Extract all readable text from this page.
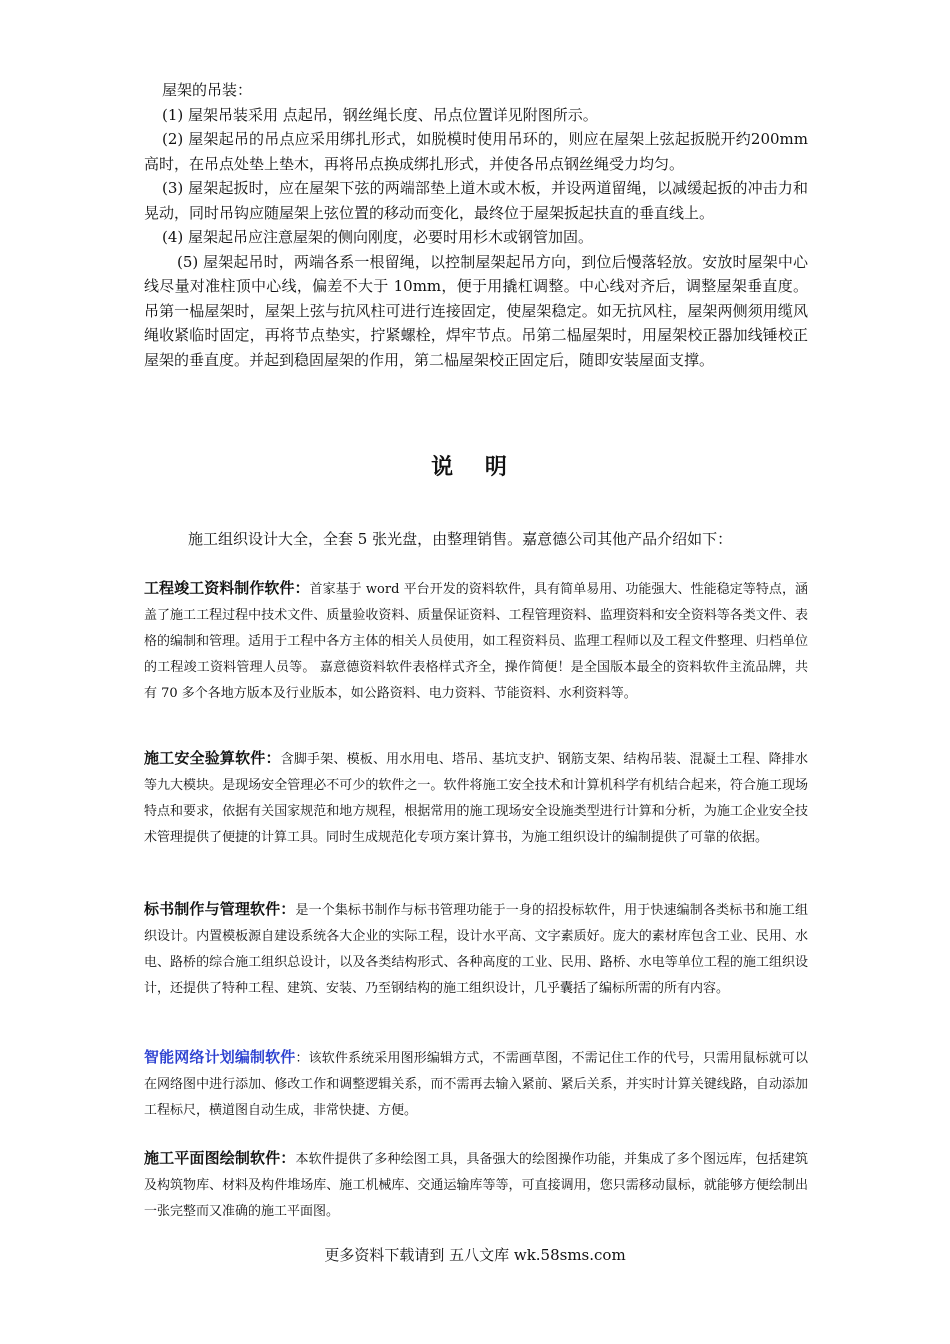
屋架的吊装：

(1) 屋架吊装采用 点起吊，钢丝绳长度、吊点位置详见附图所示。

(2) 屋架起吊的吊点应采用绑扎形式，如脱模时使用吊环的，则应在屋架上弦起扳脱开约200mm高时，在吊点处垫上垫木，再将吊点换成绑扎形式，并使各吊点钢丝绳受力均匀。

(3) 屋架起扳时，应在屋架下弦的两端部垫上道木或木板，并设两道留绳，以减缓起扳的冲击力和晃动，同时吊钩应随屋架上弦位置的移动而变化，最终位于屋架扳起扶直的垂直线上。

(4) 屋架起吊应注意屋架的侧向刚度，必要时用杉木或钢管加固。

(5) 屋架起吊时，两端各系一根留绳，以控制屋架起吊方向，到位后慢落轻放。安放时屋架中心线尽量对准柱顶中心线，偏差不大于 10mm，便于用撬杠调整。中心线对齐后，调整屋架垂直度。吊第一榀屋架时，屋架上弦与抗风柱可进行连接固定，使屋架稳定。如无抗风柱，屋架两侧须用缆风绳收紧临时固定，再将节点垫实，拧紧螺栓，焊牢节点。吊第二榀屋架时，用屋架校正器加线锤校正屋架的垂直度。并起到稳固屋架的作用，第二榀屋架校正固定后，随即安装屋面支撑。

说 明

施工组织设计大全，全套 5 张光盘，由整理销售。嘉意德公司其他产品介绍如下：

工程竣工资料制作软件：首家基于 word 平台开发的资料软件，具有简单易用、功能强大、性能稳定等特点，涵盖了施工工程过程中技术文件、质量验收资料、质量保证资料、工程管理资料、监理资料和安全资料等各类文件、表格的编制和管理。适用于工程中各方主体的相关人员使用，如工程资料员、监理工程师以及工程文件整理、归档单位的工程竣工资料管理人员等。 嘉意德资料软件表格样式齐全，操作简便！是全国版本最全的资料软件主流品牌，共有 70 多个各地方版本及行业版本，如公路资料、电力资料、节能资料、水利资料等。

施工安全验算软件：含脚手架、模板、用水用电、塔吊、基坑支护、钢筋支架、结构吊装、混凝土工程、降排水等九大模块。是现场安全管理必不可少的软件之一。软件将施工安全技术和计算机科学有机结合起来，符合施工现场特点和要求，依据有关国家规范和地方规程，根据常用的施工现场安全设施类型进行计算和分析，为施工企业安全技术管理提供了便捷的计算工具。同时生成规范化专项方案计算书，为施工组织设计的编制提供了可靠的依据。

标书制作与管理软件：是一个集标书制作与标书管理功能于一身的招投标软件，用于快速编制各类标书和施工组织设计。内置模板源自建设系统各大企业的实际工程，设计水平高、文字素质好。庞大的素材库包含工业、民用、水电、路桥的综合施工组织总设计，以及各类结构形式、各种高度的工业、民用、路桥、水电等单位工程的施工组织设计，还提供了特种工程、建筑、安装、乃至钢结构的施工组织设计，几乎囊括了编标所需的所有内容。

智能网络计划编制软件：该软件系统采用图形编辑方式，不需画草图，不需记住工作的代号，只需用鼠标就可以在网络图中进行添加、修改工作和调整逻辑关系，而不需再去输入紧前、紧后关系，并实时计算关键线路，自动添加工程标尺，横道图自动生成，非常快捷、方便。

施工平面图绘制软件：本软件提供了多种绘图工具，具备强大的绘图操作功能，并集成了多个图远库，包括建筑及构筑物库、材料及构件堆场库、施工机械库、交通运输库等等，可直接调用，您只需移动鼠标，就能够方便绘制出一张完整而又准确的施工平面图。

更多资料下载请到 五八文库 wk.58sms.com
